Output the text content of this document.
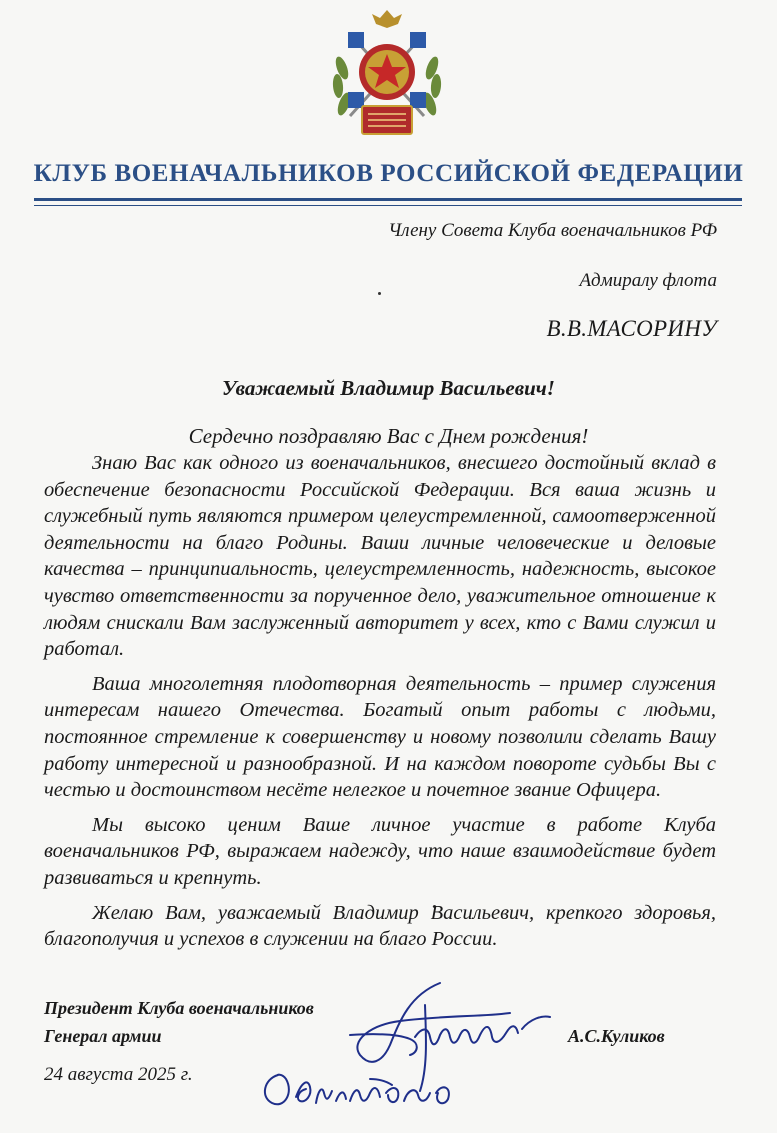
КЛУБ ВОЕНАЧАЛЬНИКОВ РОССИЙСКОЙ ФЕДЕРАЦИИ
Члену Совета Клуба военачальников РФ
Адмиралу флота
В.В.МАСОРИНУ
Уважаемый Владимир Васильевич!
Сердечно поздравляю Вас с Днем рождения!

Знаю Вас как одного из военачальников, внесшего достойный вклад в обеспечение безопасности Российской Федерации. Вся ваша жизнь и служебный путь являются примером целеустремленной, самоотверженной деятельности на благо Родины. Ваши личные человеческие и деловые качества – принципиальность, целеустремленность, надежность, высокое чувство ответственности за порученное дело, уважительное отношение к людям снискали Вам заслуженный авторитет у всех, кто с Вами служил и работал.

Ваша многолетняя плодотворная деятельность – пример служения интересам нашего Отечества. Богатый опыт работы с людьми, постоянное стремление к совершенству и новому позволили сделать Вашу работу интересной и разнообразной. И на каждом повороте судьбы Вы с честью и достоинством несёте нелегкое и почетное звание Офицера.

Мы высоко ценим Ваше личное участие в работе Клуба военачальников РФ, выражаем надежду, что наше взаимодействие будет развиваться и крепнуть.

Желаю Вам, уважаемый Владимир Васильевич, крепкого здоровья, благополучия и успехов в служении на благо России.

Президент Клуба военачальников
Генерал армии	А.С.Куликов
24 августа 2025 г.
